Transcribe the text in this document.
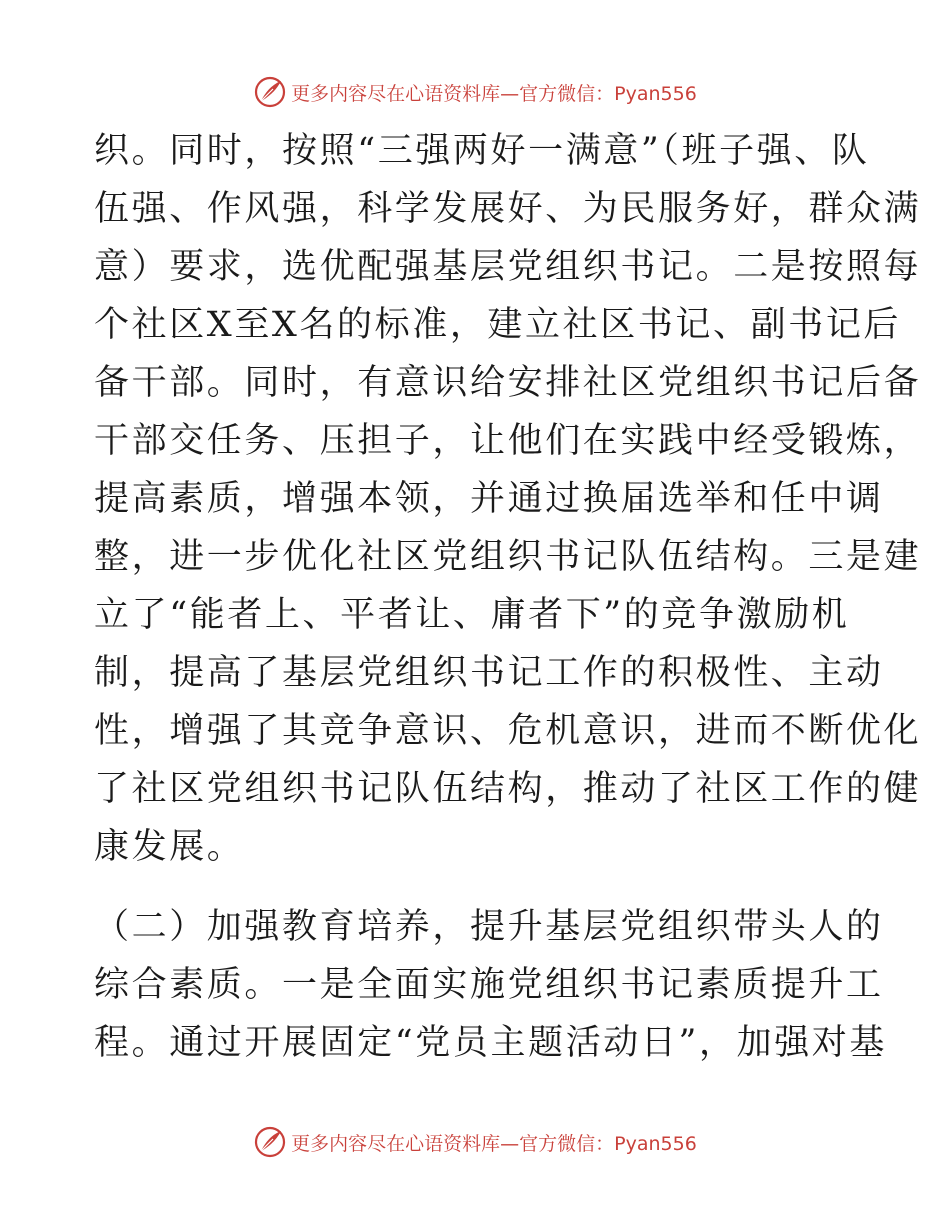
更多内容尽在心语资料库—官方微信：Pyan556
织。同时，按照“三强两好一满意”（班子强、队
伍强、作风强，科学发展好、为民服务好，群众满
意）要求，选优配强基层党组织书记。二是按照每
个社区X至X名的标准，建立社区书记、副书记后
备干部。同时，有意识给安排社区党组织书记后备
干部交任务、压担子，让他们在实践中经受锻炼，
提高素质，增强本领，并通过换届选举和任中调
整，进一步优化社区党组织书记队伍结构。三是建
立了“能者上、平者让、庸者下”的竞争激励机
制，提高了基层党组织书记工作的积极性、主动
性，增强了其竞争意识、危机意识，进而不断优化
了社区党组织书记队伍结构，推动了社区工作的健
康发展。
（二）加强教育培养，提升基层党组织带头人的
综合素质。一是全面实施党组织书记素质提升工
程。通过开展固定“党员主题活动日”，加强对基
更多内容尽在心语资料库—官方微信：Pyan556
